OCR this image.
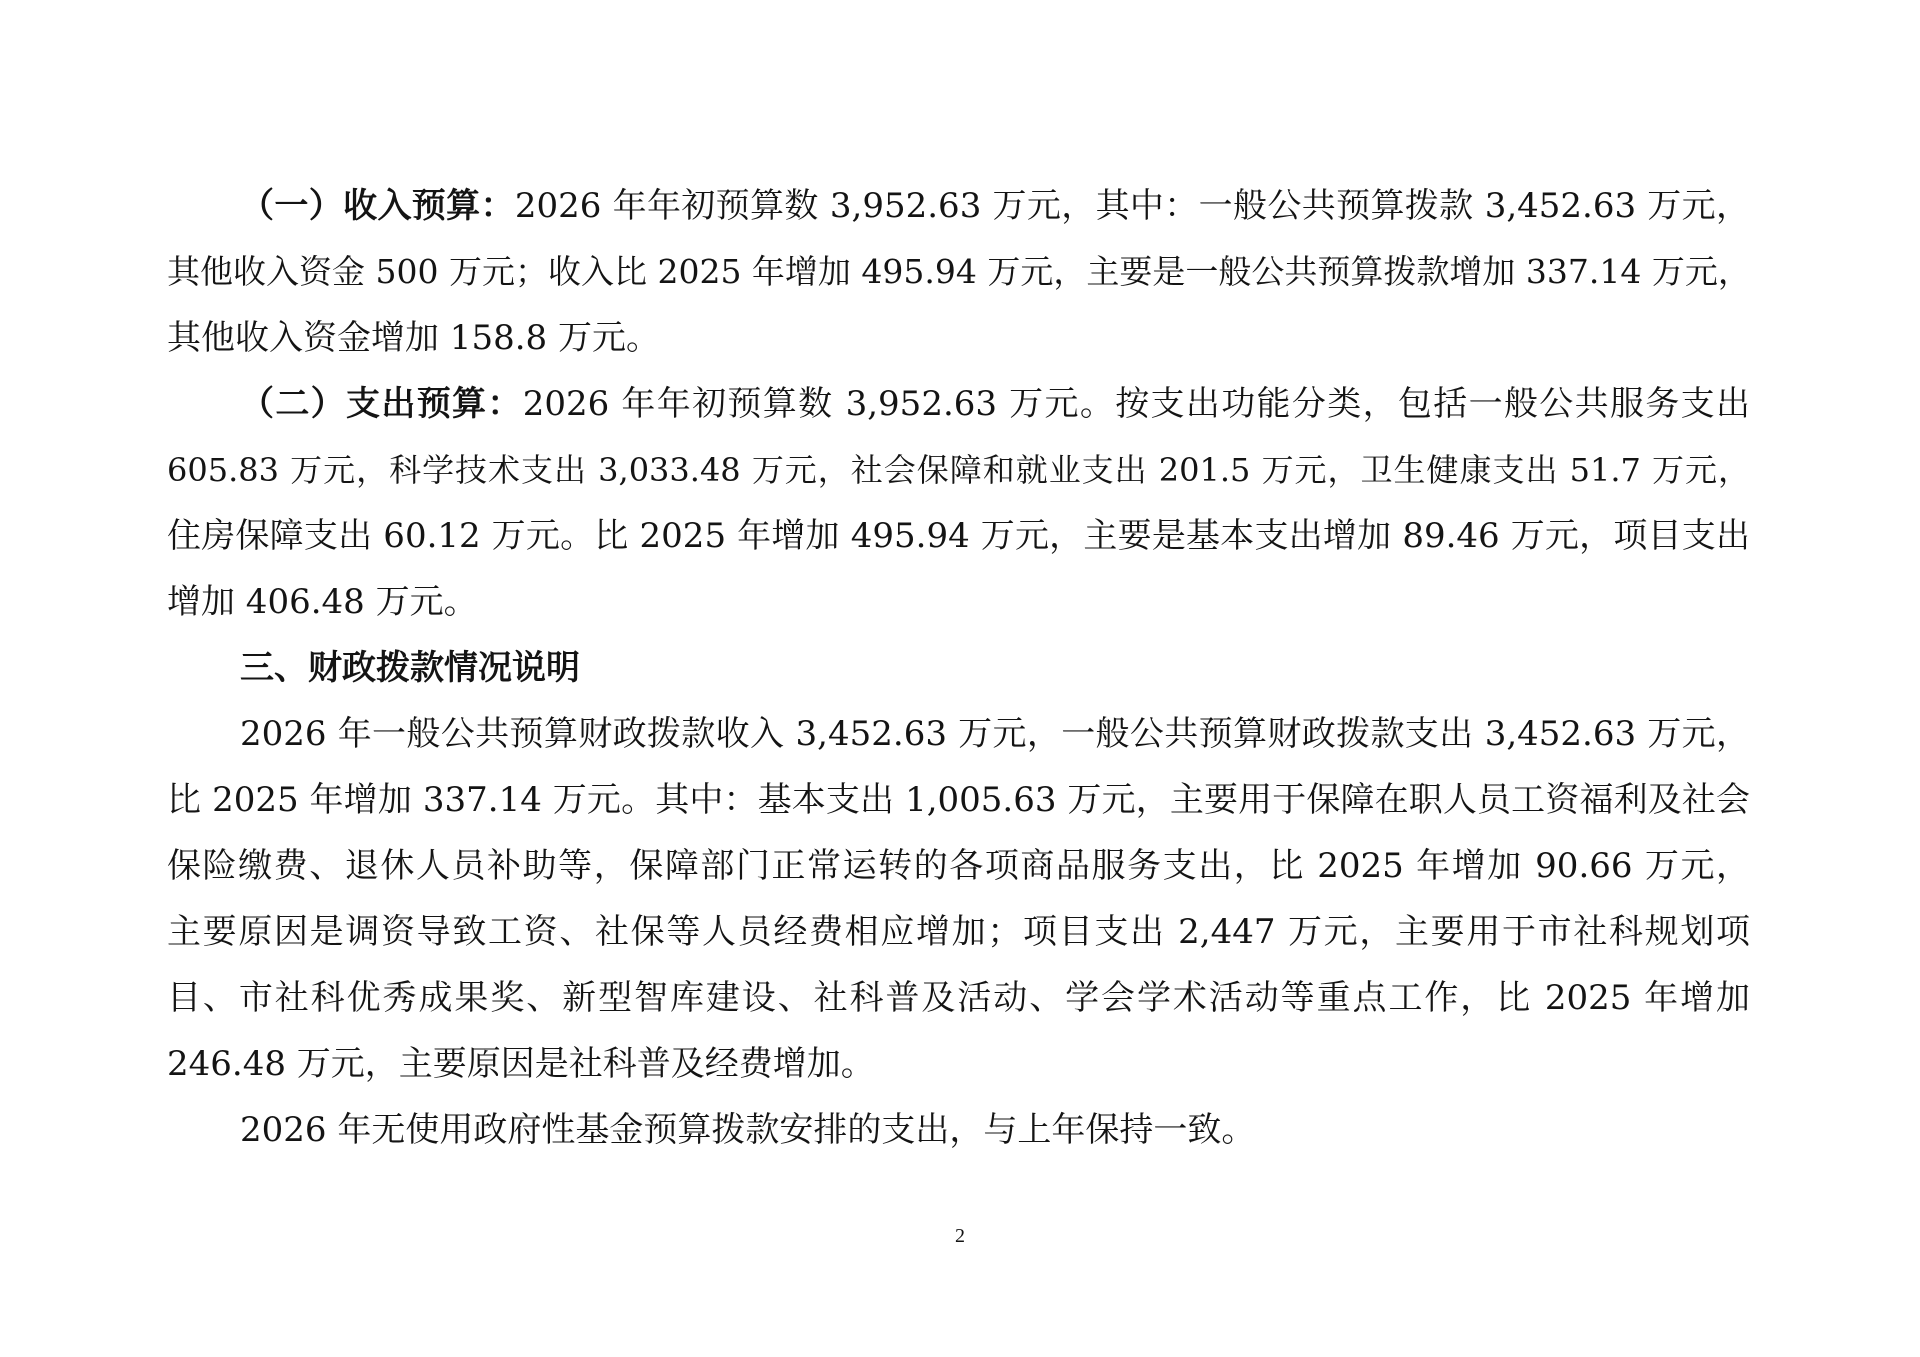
（一）收入预算：2026 年年初预算数 3,952.63 万元，其中：一般公共预算拨款 3,452.63 万元，
其他收入资金 500 万元；收入比 2025 年增加 495.94 万元，主要是一般公共预算拨款增加 337.14 万元，
其他收入资金增加 158.8 万元。
（二）支出预算：2026 年年初预算数 3,952.63 万元。按支出功能分类，包括一般公共服务支出
605.83 万元，科学技术支出 3,033.48 万元，社会保障和就业支出 201.5 万元，卫生健康支出 51.7 万元，
住房保障支出 60.12 万元。比 2025 年增加 495.94 万元，主要是基本支出增加 89.46 万元，项目支出
增加 406.48 万元。
三、财政拨款情况说明
2026 年一般公共预算财政拨款收入 3,452.63 万元，一般公共预算财政拨款支出 3,452.63 万元，
比 2025 年增加 337.14 万元。其中：基本支出 1,005.63 万元，主要用于保障在职人员工资福利及社会
保险缴费、退休人员补助等，保障部门正常运转的各项商品服务支出，比 2025 年增加 90.66 万元，
主要原因是调资导致工资、社保等人员经费相应增加；项目支出 2,447 万元，主要用于市社科规划项
目、市社科优秀成果奖、新型智库建设、社科普及活动、学会学术活动等重点工作，比 2025 年增加
246.48 万元，主要原因是社科普及经费增加。
2026 年无使用政府性基金预算拨款安排的支出，与上年保持一致。
2
